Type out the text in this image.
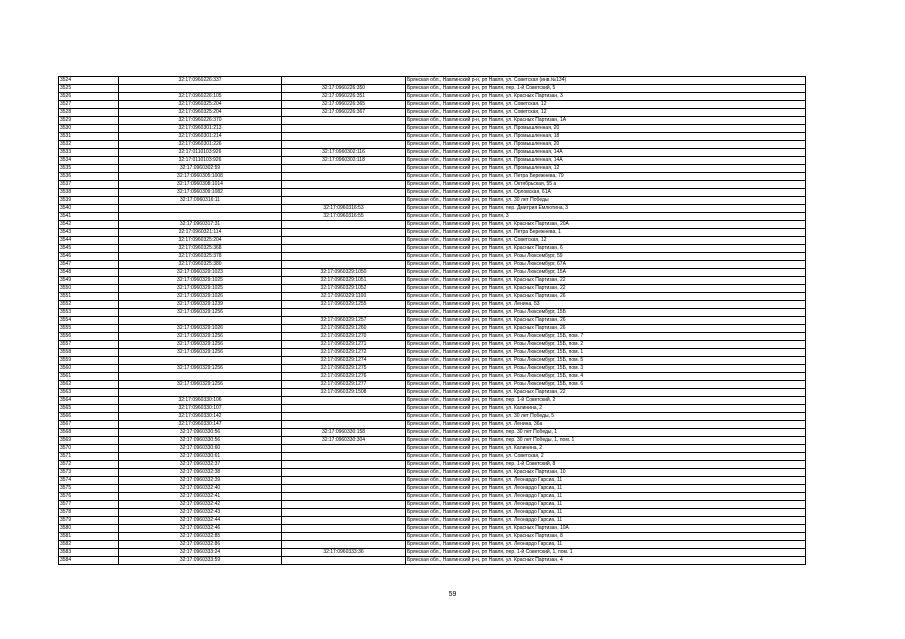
3524	32:17:0960226:337		Брянская обл., Навлинский р-н, рп Навля, ул. Советская (инв.№134)
3525		32:17:0960226:350	Брянская обл., Навлинский р-н, рп Навля, пер. 1-й Советский, 5
3526	32:17:0960226:105	32:17:0960226:351	Брянская обл., Навлинский р-н, рп Навля, ул. Красных Партизан, 3
3527	32:17:0960325:204	32:17:0960226:365	Брянская обл., Навлинский р-н, рп Навля, ул. Советская, 12
3528	32:17:0960325:204	32:17:0960226:367	Брянская обл., Навлинский р-н, рп Навля, ул. Советская, 12
3529	32:17:0960226:370		Брянская обл., Навлинский р-н, рп Навля, ул. Красных Партизан, 1А
3530	32:17:0960301:213		Брянская обл., Навлинский р-н, рп Навля, ул. Промышленная, 20
3531	32:17:0960301:214		Брянская обл., Навлинский р-н, рп Навля, ул. Промышленная, 18
3532	32:17:0960301:226		Брянская обл., Навлинский р-н, рп Навля, ул. Промышленная, 20
3533	32:17:0110103:926	32:17:0960302:116	Брянская обл., Навлинский р-н, рп Навля, ул. Промышленная, 14А
3534	32:17:0110103:926	32:17:0960302:118	Брянская обл., Навлинский р-н, рп Навля, ул. Промышленная, 14А
3535	32:17:0960302:59		Брянская обл., Навлинский р-н, рп Навля, ул. Промышленная, 12
3536	32:17:0960305:1008		Брянская обл., Навлинский р-н, рп Навля, ул. Петра Бережнева, 79
3537	32:17:0960308:1014		Брянская обл., Навлинский р-н, рп Навля, ул. Октябрьская, 55 а
3538	32:17:0960309:1082		Брянская обл., Навлинский р-н, рп Навля, ул. Орловская, 61А
3539	32:17:0960316:11		Брянская обл., Навлинский р-н, рп Навля, ул. 30 лет Победы
3540		32:17:0960316:53	Брянская обл., Навлинский р-н, рп Навля, пер. Дмитрия Емлютина, 3
3541		32:17:0960316:55	Брянская обл., Навлинский р-н, рп Навля, 3
3542	32:17:0960317:31		Брянская обл., Навлинский р-н, рп Навля, ул. Красных Партизан, 20А
3543	32:17:0960321:114		Брянская обл., Навлинский р-н, рп Навля, ул. Петра Бережнева, 1
3544	32:17:0960325:204		Брянская обл., Навлинский р-н, рп Навля, ул. Советская, 12
3545	32:17:0960325:368		Брянская обл., Навлинский р-н, рп Навля, ул. Красных Партизан, 6
3546	32:17:0960325:378		Брянская обл., Навлинский р-н, рп Навля, ул. Розы Люксембург, 59
3547	32:17:0960325:380		Брянская обл., Навлинский р-н, рп Навля, ул. Розы Люксембург, 67А
3548	32:17:0960329:1023	32:17:0960329:1050	Брянская обл., Навлинский р-н, рп Навля, ул. Розы Люксембург, 15А
3549	32:17:0960329:1025	32:17:0960329:1051	Брянская обл., Навлинский р-н, рп Навля, ул. Красных Партизан, 22
3550	32:17:0960329:1025	32:17:0960329:1052	Брянская обл., Навлинский р-н, рп Навля, ул. Красных Партизан, 22
3551	32:17:0960329:1026	32:17:0960329:1100	Брянская обл., Навлинский р-н, рп Навля, ул. Красных Партизан, 26
3552	32:17:0960329:1239	32:17:0960329:1255	Брянская обл., Навлинский р-н, рп Навля, ул. Ленина, 53
3553	32:17:0960329:1256		Брянская обл., Навлинский р-н, рп Навля, ул. Розы Люксембург, 15Б
3554		32:17:0960329:1257	Брянская обл., Навлинский р-н, рп Навля, ул. Красных Партизан, 26
3555	32:17:0960329:1026	32:17:0960329:1260	Брянская обл., Навлинский р-н, рп Навля, ул. Красных Партизан, 26
3556	32:17:0960329:1256	32:17:0960329:1270	Брянская обл., Навлинский р-н, рп Навля, ул. Розы Люксембург, 15Б, пом. 7
3557	32:17:0960329:1256	32:17:0960329:1271	Брянская обл., Навлинский р-н, рп Навля, ул. Розы Люксембург, 15Б, пом. 2
3558	32:17:0960329:1256	32:17:0960329:1272	Брянская обл., Навлинский р-н, рп Навля, ул. Розы Люксембург, 15Б, пом. 1
3559		32:17:0960329:1274	Брянская обл., Навлинский р-н, рп Навля, ул. Розы Люксембург, 15Б, пом. 5
3560	32:17:0960329:1256	32:17:0960329:1275	Брянская обл., Навлинский р-н, рп Навля, ул. Розы Люксембург, 15Б, пом. 3
3561		32:17:0960329:1276	Брянская обл., Навлинский р-н, рп Навля, ул. Розы Люксембург, 15Б, пом. 4
3562	32:17:0960329:1256	32:17:0960329:1277	Брянская обл., Навлинский р-н, рп Навля, ул. Розы Люксембург, 15Б, пом. 6
3563		32:17:0960329:1508	Брянская обл., Навлинский р-н, рп Навля, ул. Красных Партизан, 22
3564	32:17:0960330:106		Брянская обл., Навлинский р-н, рп Навля, пер. 1-й Советский, 2
3565	32:17:0960330:107		Брянская обл., Навлинский р-н, рп Навля, ул. Калинина, 2
3566	32:17:0960330:142		Брянская обл., Навлинский р-н, рп Навля, ул. 30 лет Победы, 5
3567	32:17:0960330:147		Брянская обл., Навлинский р-н, рп Навля, ул. Ленина, 36а
3568	32:17:0960330:56	32:17:0960330:158	Брянская обл., Навлинский р-н, рп Навля, пер. 30 лет Победы, 1
3569	32:17:0960330:56	32:17:0960330:304	Брянская обл., Навлинский р-н, рп Навля, пер. 30 лет Победы, 1, пом. 1
3570	32:17:0960330:60		Брянская обл., Навлинский р-н, рп Навля, ул. Калинина, 2
3571	32:17:0960330:61		Брянская обл., Навлинский р-н, рп Навля, ул. Советская, 2
3572	32:17:0960332:37		Брянская обл., Навлинский р-н, рп Навля, пер. 1-й Советский, 8
3573	32:17:0960332:38		Брянская обл., Навлинский р-н, рп Навля, ул. Красных Партизан, 10
3574	32:17:0960332:39		Брянская обл., Навлинский р-н, рп Навля, ул. Леонардо Гарсиа, 11
3575	32:17:0960332:40		Брянская обл., Навлинский р-н, рп Навля, ул. Леонардо Гарсиа, 11
3576	32:17:0960332:41		Брянская обл., Навлинский р-н, рп Навля, ул. Леонардо Гарсиа, 11
3577	32:17:0960332:42		Брянская обл., Навлинский р-н, рп Навля, ул. Леонардо Гарсиа, 11
3578	32:17:0960332:43		Брянская обл., Навлинский р-н, рп Навля, ул. Леонардо Гарсиа, 11
3579	32:17:0960332:44		Брянская обл., Навлинский р-н, рп Навля, ул. Леонардо Гарсиа, 11
3580	32:17:0960332:46		Брянская обл., Навлинский р-н, рп Навля, ул. Красных Партизан, 10А
3581	32:17:0960332:85		Брянская обл., Навлинский р-н, рп Навля, ул. Красных Партизан, 8
3582	32:17:0960332:86		Брянская обл., Навлинский р-н, рп Навля, ул. Леонардо Гарсиа, 11
3583	32:17:0960333:24	32:17:0960333:36	Брянская обл., Навлинский р-н, рп Навля, пер. 1-й Советский, 1, пом. 1
3584	32:17:0960333:59		Брянская обл., Навлинский р-н, рп Навля, ул. Красных Партизан, 4
59
